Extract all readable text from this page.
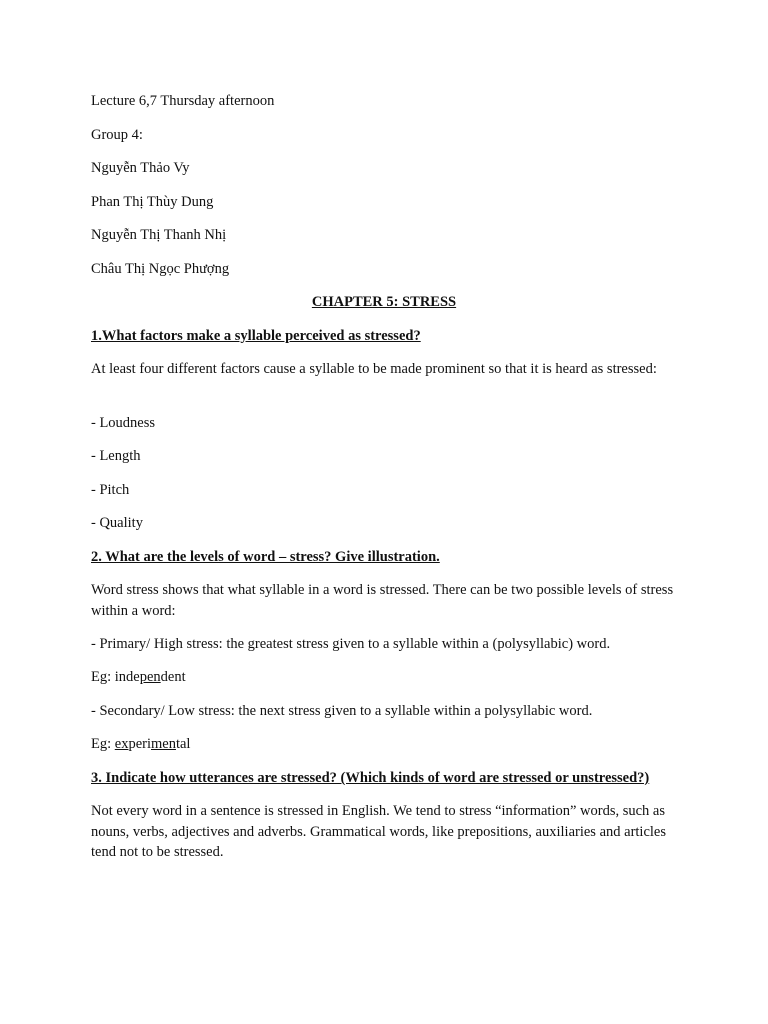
Lecture 6,7 Thursday afternoon

Group 4:

Nguyễn Thảo Vy

Phan Thị Thùy Dung

Nguyễn Thị Thanh Nhị

Châu Thị Ngọc Phượng

CHAPTER 5: STRESS

1.What factors make a syllable perceived as stressed?

At least four different factors cause a syllable to be made prominent so that it is heard as stressed:

- Loudness

- Length

- Pitch

- Quality

2. What are the levels of word – stress? Give illustration.

Word stress shows that what syllable in a word is stressed. There can be two possible levels of stress within a word:

- Primary/ High stress: the greatest stress given to a syllable within a (polysyllabic) word.

Eg: independent

- Secondary/ Low stress: the next stress given to a syllable within a polysyllabic word.

Eg: experimental

3. Indicate how utterances are stressed? (Which kinds of word are stressed or unstressed?)

Not every word in a sentence is stressed in English. We tend to stress “information” words, such as nouns, verbs, adjectives and adverbs. Grammatical words, like prepositions, auxiliaries and articles tend not to be stressed.
